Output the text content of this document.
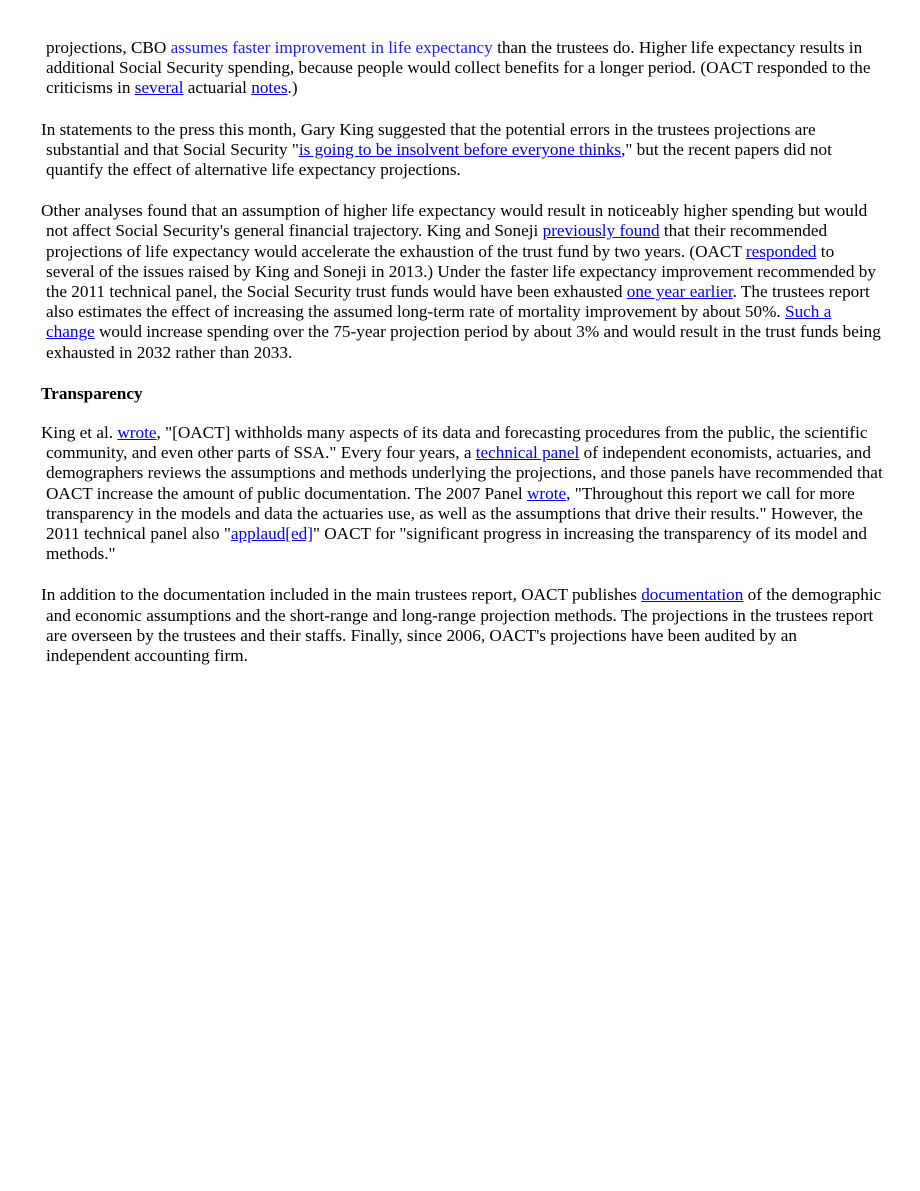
projections, CBO assumes faster improvement in life expectancy than the trustees do. Higher life expectancy results in additional Social Security spending, because people would collect benefits for a longer period. (OACT responded to the criticisms in several actuarial notes.)

In statements to the press this month, Gary King suggested that the potential errors in the trustees projections are substantial and that Social Security "is going to be insolvent before everyone thinks," but the recent papers did not quantify the effect of alternative life expectancy projections.

Other analyses found that an assumption of higher life expectancy would result in noticeably higher spending but would not affect Social Security's general financial trajectory. King and Soneji previously found that their recommended projections of life expectancy would accelerate the exhaustion of the trust fund by two years. (OACT responded to several of the issues raised by King and Soneji in 2013.) Under the faster life expectancy improvement recommended by the 2011 technical panel, the Social Security trust funds would have been exhausted one year earlier. The trustees report also estimates the effect of increasing the assumed long-term rate of mortality improvement by about 50%. Such a change would increase spending over the 75-year projection period by about 3% and would result in the trust funds being exhausted in 2032 rather than 2033.

Transparency

King et al. wrote, "[OACT] withholds many aspects of its data and forecasting procedures from the public, the scientific community, and even other parts of SSA." Every four years, a technical panel of independent economists, actuaries, and demographers reviews the assumptions and methods underlying the projections, and those panels have recommended that OACT increase the amount of public documentation. The 2007 Panel wrote, "Throughout this report we call for more transparency in the models and data the actuaries use, as well as the assumptions that drive their results." However, the 2011 technical panel also "applaud[ed]" OACT for "significant progress in increasing the transparency of its model and methods."

In addition to the documentation included in the main trustees report, OACT publishes documentation of the demographic and economic assumptions and the short-range and long-range projection methods. The projections in the trustees report are overseen by the trustees and their staffs. Finally, since 2006, OACT's projections have been audited by an independent accounting firm.
